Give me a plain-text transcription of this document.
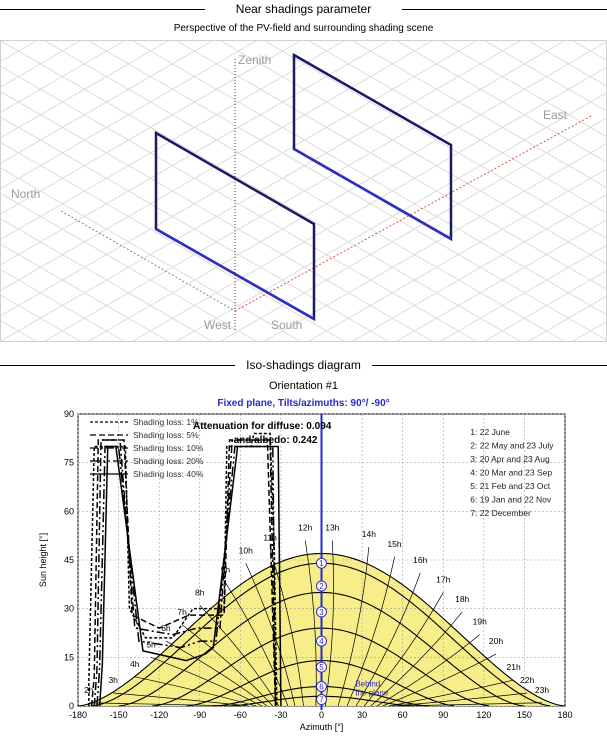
Near shadings parameter
Perspective of the PV-field and surrounding shading scene
Zenith
East
North
West	South
Iso-shadings diagram
Orientation #1
Fixed plane, Tilts/azimuths: 90°/ -90°
0
15
30
45
60
75
90
-180	-150	-120	-90	-60	-30	0	30	60	90	120	150	180
2h
3h
4h
5h
6h
7h
8h
9h
10h
11h
12h 13h
14h
15h
16h
17h
18h
19h
20h
21h
22h
23h
1
2
3
4
5
6
7
Behind
the plane
Shading loss: 1%
Shading loss: 5%
Shading loss: 10%
Shading loss: 20%
Shading loss: 40%
Attenuation for diffuse: 0.094
and albedo: 0.242
1: 22 June
2: 22 May and 23 July
3: 20 Apr and 23 Aug
4: 20 Mar and 23 Sep
5: 21 Feb and 23 Oct
6: 19 Jan and 22 Nov
7: 22 December
Azimuth [°]
Sun height [°]
